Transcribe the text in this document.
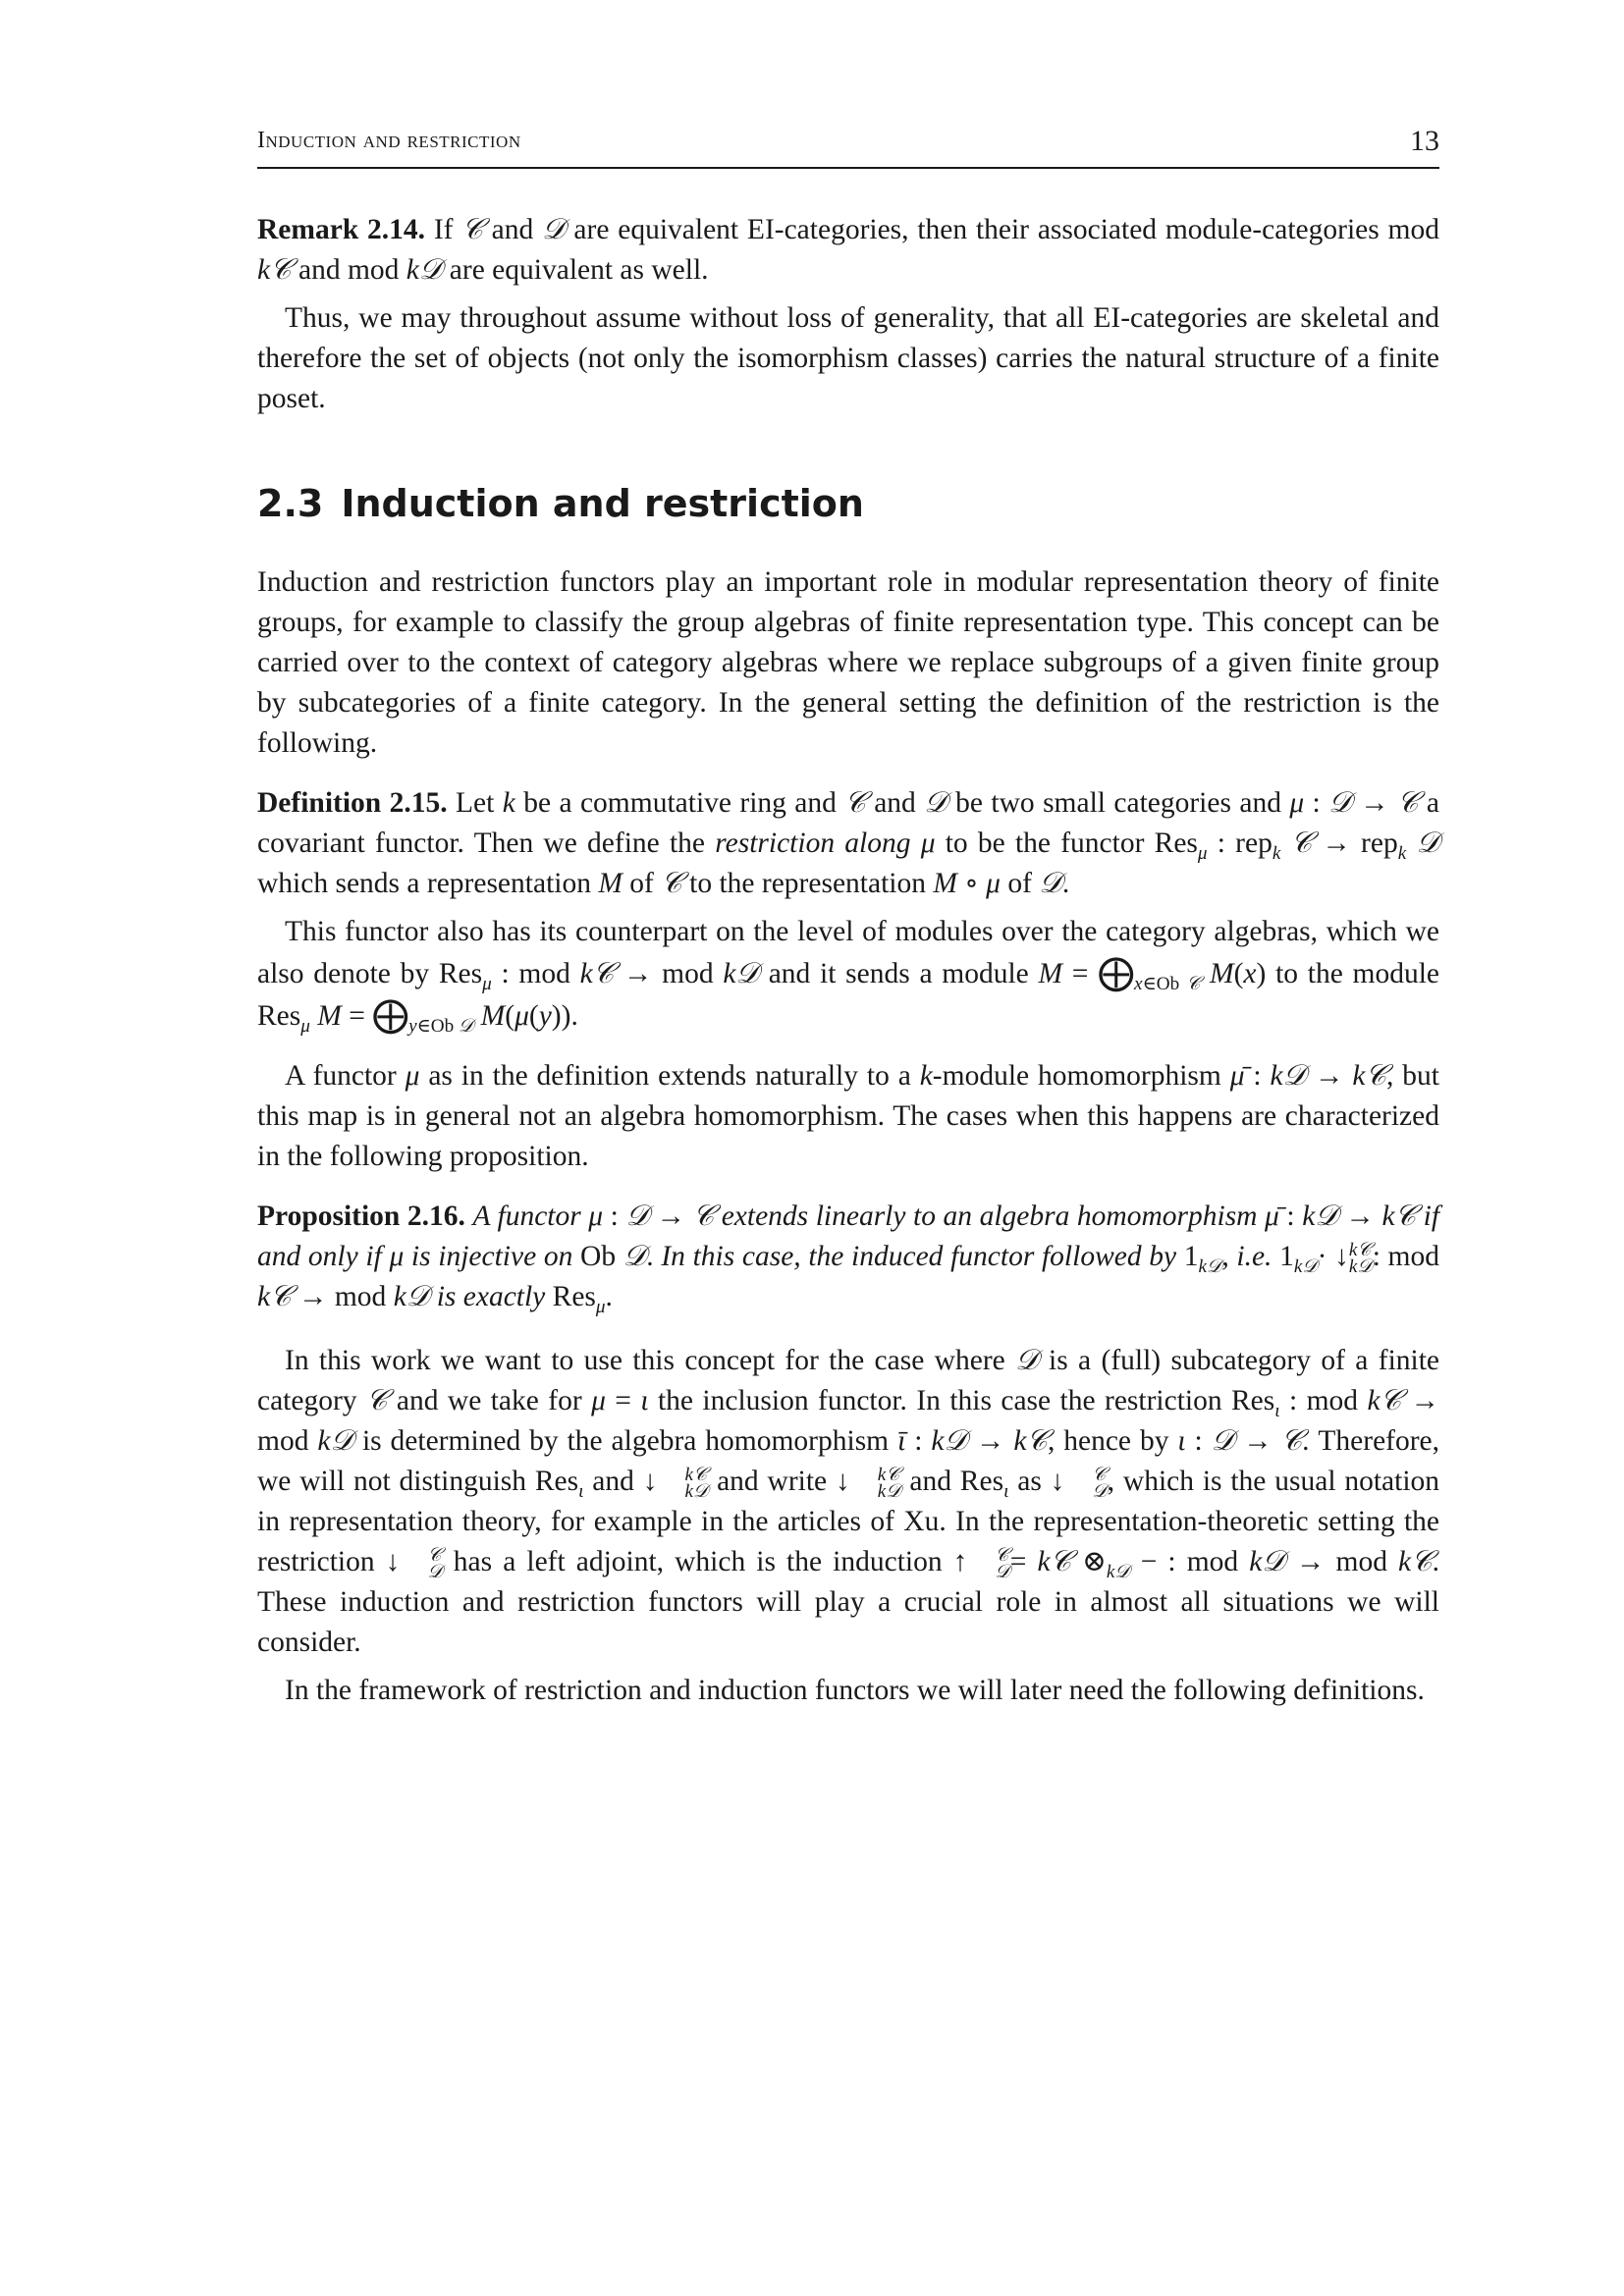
Induction and restriction	13

Remark 2.14. If 𝒞 and 𝒟 are equivalent EI-categories, then their associated module-categories mod k𝒞 and mod k𝒟 are equivalent as well.

Thus, we may throughout assume without loss of generality, that all EI-categories are skeletal and therefore the set of objects (not only the isomorphism classes) carries the natural structure of a finite poset.

2.3 Induction and restriction

Induction and restriction functors play an important role in modular representation theory of finite groups, for example to classify the group algebras of finite representation type. This concept can be carried over to the context of category algebras where we replace subgroups of a given finite group by subcategories of a finite category. In the general setting the definition of the restriction is the following.

Definition 2.15. Let k be a commutative ring and 𝒞 and 𝒟 be two small categories and μ : 𝒟 → 𝒞 a covariant functor. Then we define the restriction along μ to be the functor Res$_\mu$ : rep$_k$ 𝒞 → rep$_k$ 𝒟 which sends a representation M of 𝒞 to the representation M ∘ μ of 𝒟.

This functor also has its counterpart on the level of modules over the category algebras, which we also denote by Res$_\mu$ : mod k𝒞 → mod k𝒟 and it sends a module $M = ⨁_{x\in Ob 𝒞}$ M(x) to the module Res$_\mu$ $M = ⨁_{y\in Ob 𝒟}$ M(μ(y)).

A functor μ as in the definition extends naturally to a k-module homomorphism μ̄ : k𝒟 → k𝒞, but this map is in general not an algebra homomorphism. The cases when this happens are characterized in the following proposition.

Proposition 2.16. A functor μ : 𝒟 → 𝒞 extends linearly to an algebra homomorphism μ̄ : k𝒟 → k𝒞 if and only if μ is injective on Ob 𝒟. In this case, the induced functor followed by $1_{k𝒟}$, i.e. $1_{k𝒟}\cdot$ ↓ k𝒞
k𝒟 : mod k𝒞 → mod k𝒟 is exactly Res$_\mu$.

In this work we want to use this concept for the case where 𝒟 is a (full) subcategory of a finite category 𝒞 and we take for μ = ι the inclusion functor. In this case the restriction Res$_\iota$ : mod k𝒞 → mod k𝒟 is determined by the algebra homomorphism ῑ : k𝒟 → k𝒞, hence by ι : 𝒟 → 𝒞. Therefore, we will not distinguish Res$_\iota$ and ↓	k𝒞
k𝒟 and write ↓	k𝒞
k𝒟 and Res$_\iota$ as ↓	𝒞
𝒟 , which is the usual notation in representation theory, for example in the articles of Xu. In the representation-theoretic setting the restriction ↓	𝒞
𝒟 has a left adjoint, which is the induction ↑	𝒞
𝒟 = k𝒞 $\otimes_{k𝒟}$ − : mod k𝒟 → mod k𝒞. These induction and restriction functors will play a crucial role in almost all situations we will consider.

In the framework of restriction and induction functors we will later need the following definitions.
